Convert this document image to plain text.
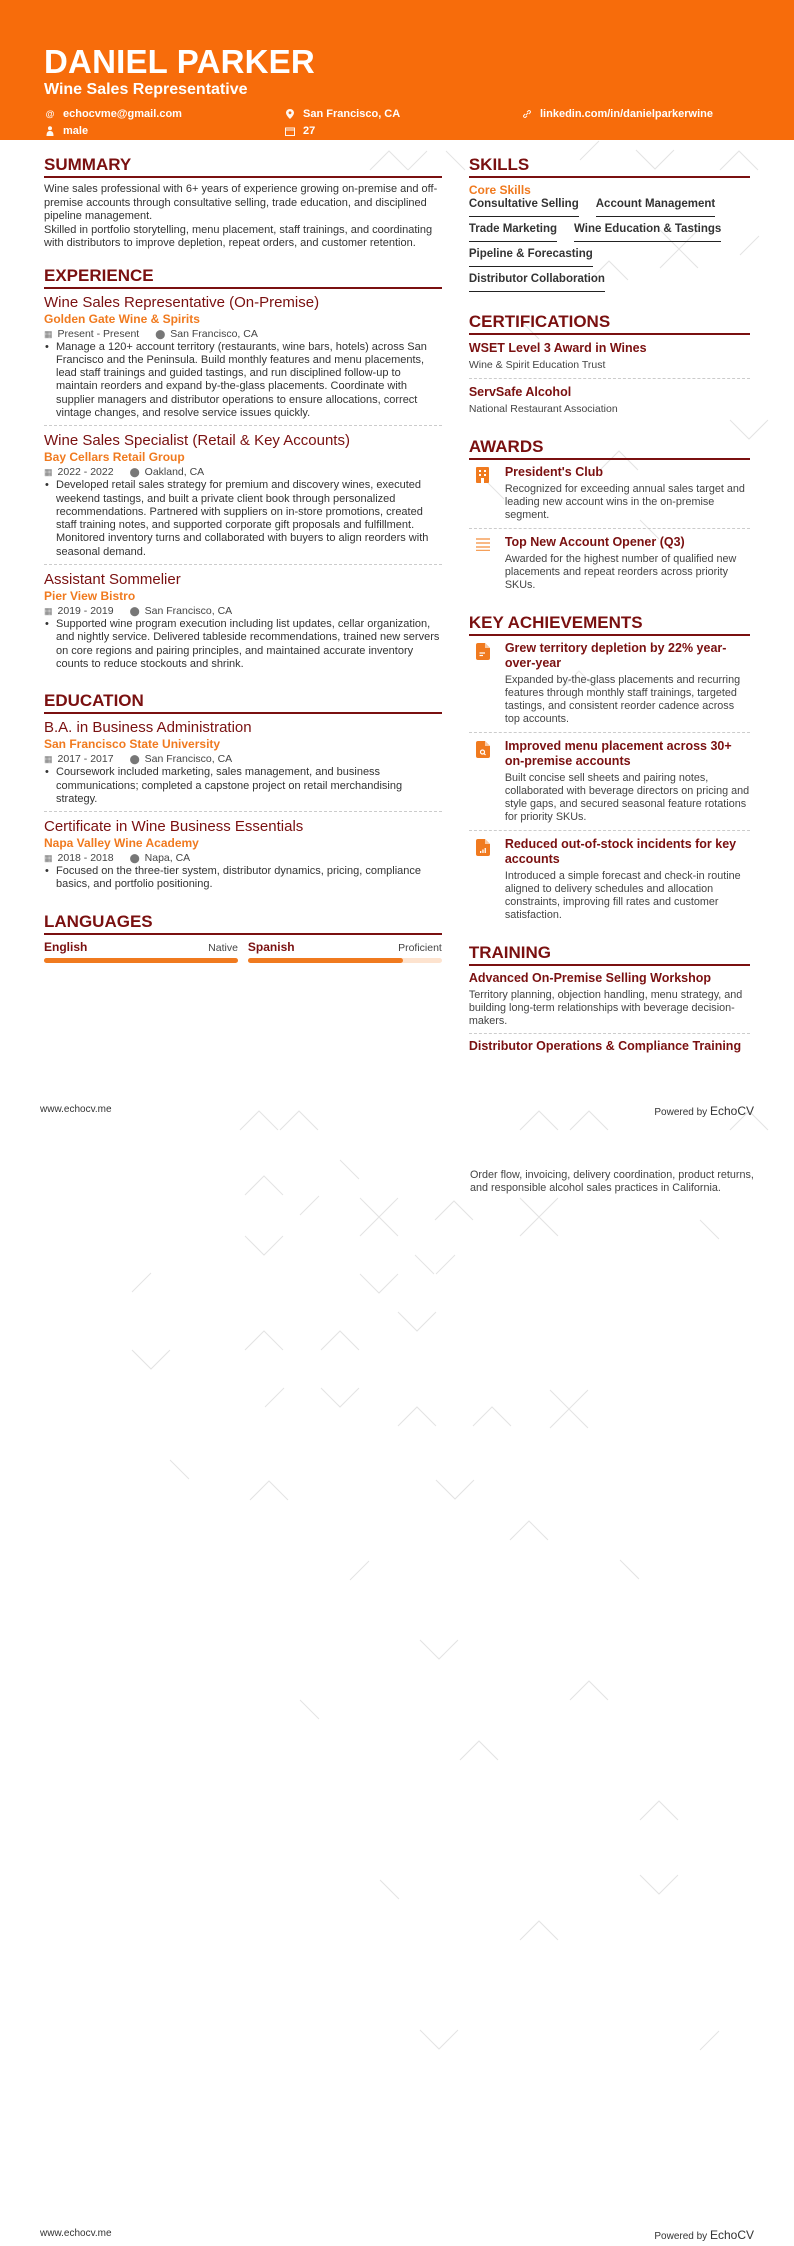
DANIEL PARKER
Wine Sales Representative
@ echocvme@gmail.com	San Francisco, CA	linkedin.com/in/danielparkerwine
male	27
SUMMARY

Wine sales professional with 6+ years of experience growing on-premise and off-premise accounts through consultative selling, trade education, and disciplined pipeline management.

Skilled in portfolio storytelling, menu placement, staff trainings, and coordinating with distributors to improve depletion, repeat orders, and customer retention.

EXPERIENCE
Wine Sales Representative (On-Premise)
Golden Gate Wine & Spirits
▦ Present - Present ⬤ San Francisco, CA
• Manage a 120+ account territory (restaurants, wine bars, hotels) across San Francisco and the Peninsula. Build monthly features and menu placements, lead staff trainings and guided tastings, and run disciplined follow-up to maintain reorders and expand by-the-glass placements. Coordinate with supplier managers and distributor operations to ensure allocations, correct vintage changes, and resolve service issues quickly.
Wine Sales Specialist (Retail & Key Accounts)
Bay Cellars Retail Group
▦ 2022 - 2022 ⬤ Oakland, CA
• Developed retail sales strategy for premium and discovery wines, executed weekend tastings, and built a private client book through personalized recommendations. Partnered with suppliers on in-store promotions, created staff training notes, and supported corporate gift proposals and fulfillment. Monitored inventory turns and collaborated with buyers to align reorders with seasonal demand.
Assistant Sommelier
Pier View Bistro
▦ 2019 - 2019 ⬤ San Francisco, CA
• Supported wine program execution including list updates, cellar organization, and nightly service. Delivered tableside recommendations, trained new servers on core regions and pairing principles, and maintained accurate inventory counts to reduce stockouts and shrink.
EDUCATION
B.A. in Business Administration
San Francisco State University
▦ 2017 - 2017 ⬤ San Francisco, CA
• Coursework included marketing, sales management, and business communications; completed a capstone project on retail merchandising strategy.
Certificate in Wine Business Essentials
Napa Valley Wine Academy
▦ 2018 - 2018 ⬤ Napa, CA
• Focused on the three-tier system, distributor dynamics, pricing, compliance basics, and portfolio positioning.
LANGUAGES
English	Native Spanish	Proficient
SKILLS
Core Skills
Consultative Selling Account Management
Trade Marketing Wine Education & Tastings
Pipeline & Forecasting
Distributor Collaboration
CERTIFICATIONS
WSET Level 3 Award in Wines
Wine & Spirit Education Trust
ServSafe Alcohol
National Restaurant Association
AWARDS
President's Club
Recognized for exceeding annual sales target and leading new account wins in the on-premise segment.
Top New Account Opener (Q3)
Awarded for the highest number of qualified new placements and repeat reorders across priority SKUs.
KEY ACHIEVEMENTS
Grew territory depletion by 22% year-over-year
Expanded by-the-glass placements and recurring features through monthly staff trainings, targeted tastings, and consistent reorder cadence across top accounts.
Improved menu placement across 30+ on-premise accounts
Built concise sell sheets and pairing notes, collaborated with beverage directors on pricing and style gaps, and secured seasonal feature rotations for priority SKUs.
Reduced out-of-stock incidents for key accounts
Introduced a simple forecast and check-in routine aligned to delivery schedules and allocation constraints, improving fill rates and customer satisfaction.
TRAINING
Advanced On-Premise Selling Workshop
Territory planning, objection handling, menu strategy, and building long-term relationships with beverage decision-makers.
Distributor Operations & Compliance Training
www.echocv.me	Powered by EchoCV
Order flow, invoicing, delivery coordination, product returns, and responsible alcohol sales practices in California.
www.echocv.me	Powered by EchoCV
